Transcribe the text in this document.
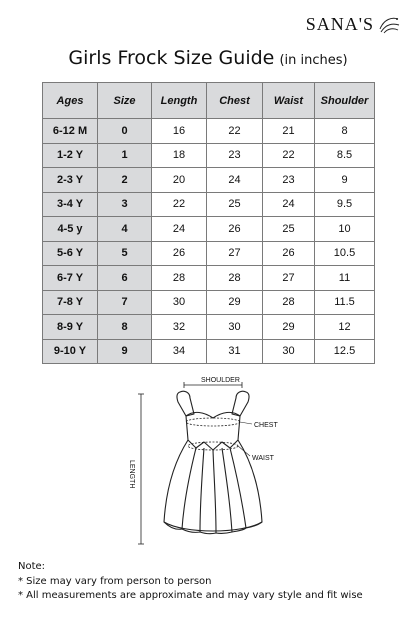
SANA'S
Girls Frock Size Guide (in inches)
Ages	Size	Length	Chest	Waist	Shoulder
6-12 M	0	16	22	21	8
1-2 Y	1	18	23	22	8.5
2-3 Y	2	20	24	23	9
3-4 Y	3	22	25	24	9.5
4-5 y	4	24	26	25	10
5-6 Y	5	26	27	26	10.5
6-7 Y	6	28	28	27	11
7-8 Y	7	30	29	28	11.5
8-9 Y	8	32	30	29	12
9-10 Y	9	34	31	30	12.5
SHOULDER
LENGTH
CHEST
WAIST
Note:
* Size may vary from person to person
* All measurements are approximate and may vary style and fit wise
